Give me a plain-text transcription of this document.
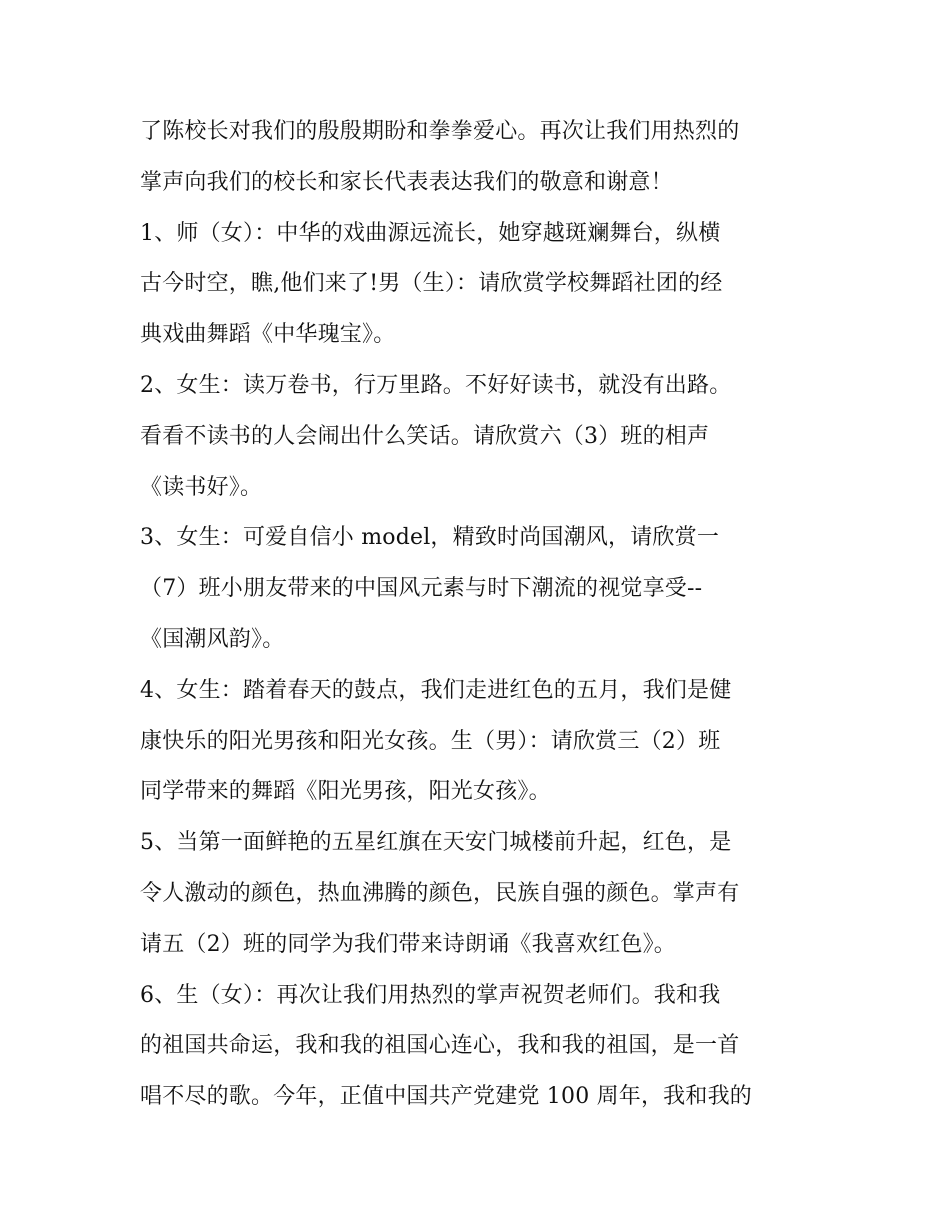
了陈校长对我们的殷殷期盼和拳拳爱心。再次让我们用热烈的
掌声向我们的校长和家长代表表达我们的敬意和谢意！
1、师（女）：中华的戏曲源远流长，她穿越斑斓舞台，纵横
古今时空，瞧,他们来了!男（生）：请欣赏学校舞蹈社团的经
典戏曲舞蹈《中华瑰宝》。
2、女生：读万卷书，行万里路。不好好读书，就没有出路。
看看不读书的人会闹出什么笑话。请欣赏六（3）班的相声
《读书好》。
3、女生：可爱自信小 model，精致时尚国潮风，请欣赏一
（7）班小朋友带来的中国风元素与时下潮流的视觉享受--
《国潮风韵》。
4、女生：踏着春天的鼓点，我们走进红色的五月，我们是健
康快乐的阳光男孩和阳光女孩。生（男）：请欣赏三（2）班
同学带来的舞蹈《阳光男孩，阳光女孩》。
5、当第一面鲜艳的五星红旗在天安门城楼前升起，红色，是
令人激动的颜色，热血沸腾的颜色，民族自强的颜色。掌声有
请五（2）班的同学为我们带来诗朗诵《我喜欢红色》。
6、生（女）：再次让我们用热烈的掌声祝贺老师们。我和我
的祖国共命运，我和我的祖国心连心，我和我的祖国，是一首
唱不尽的歌。今年，正值中国共产党建党 100 周年，我和我的
